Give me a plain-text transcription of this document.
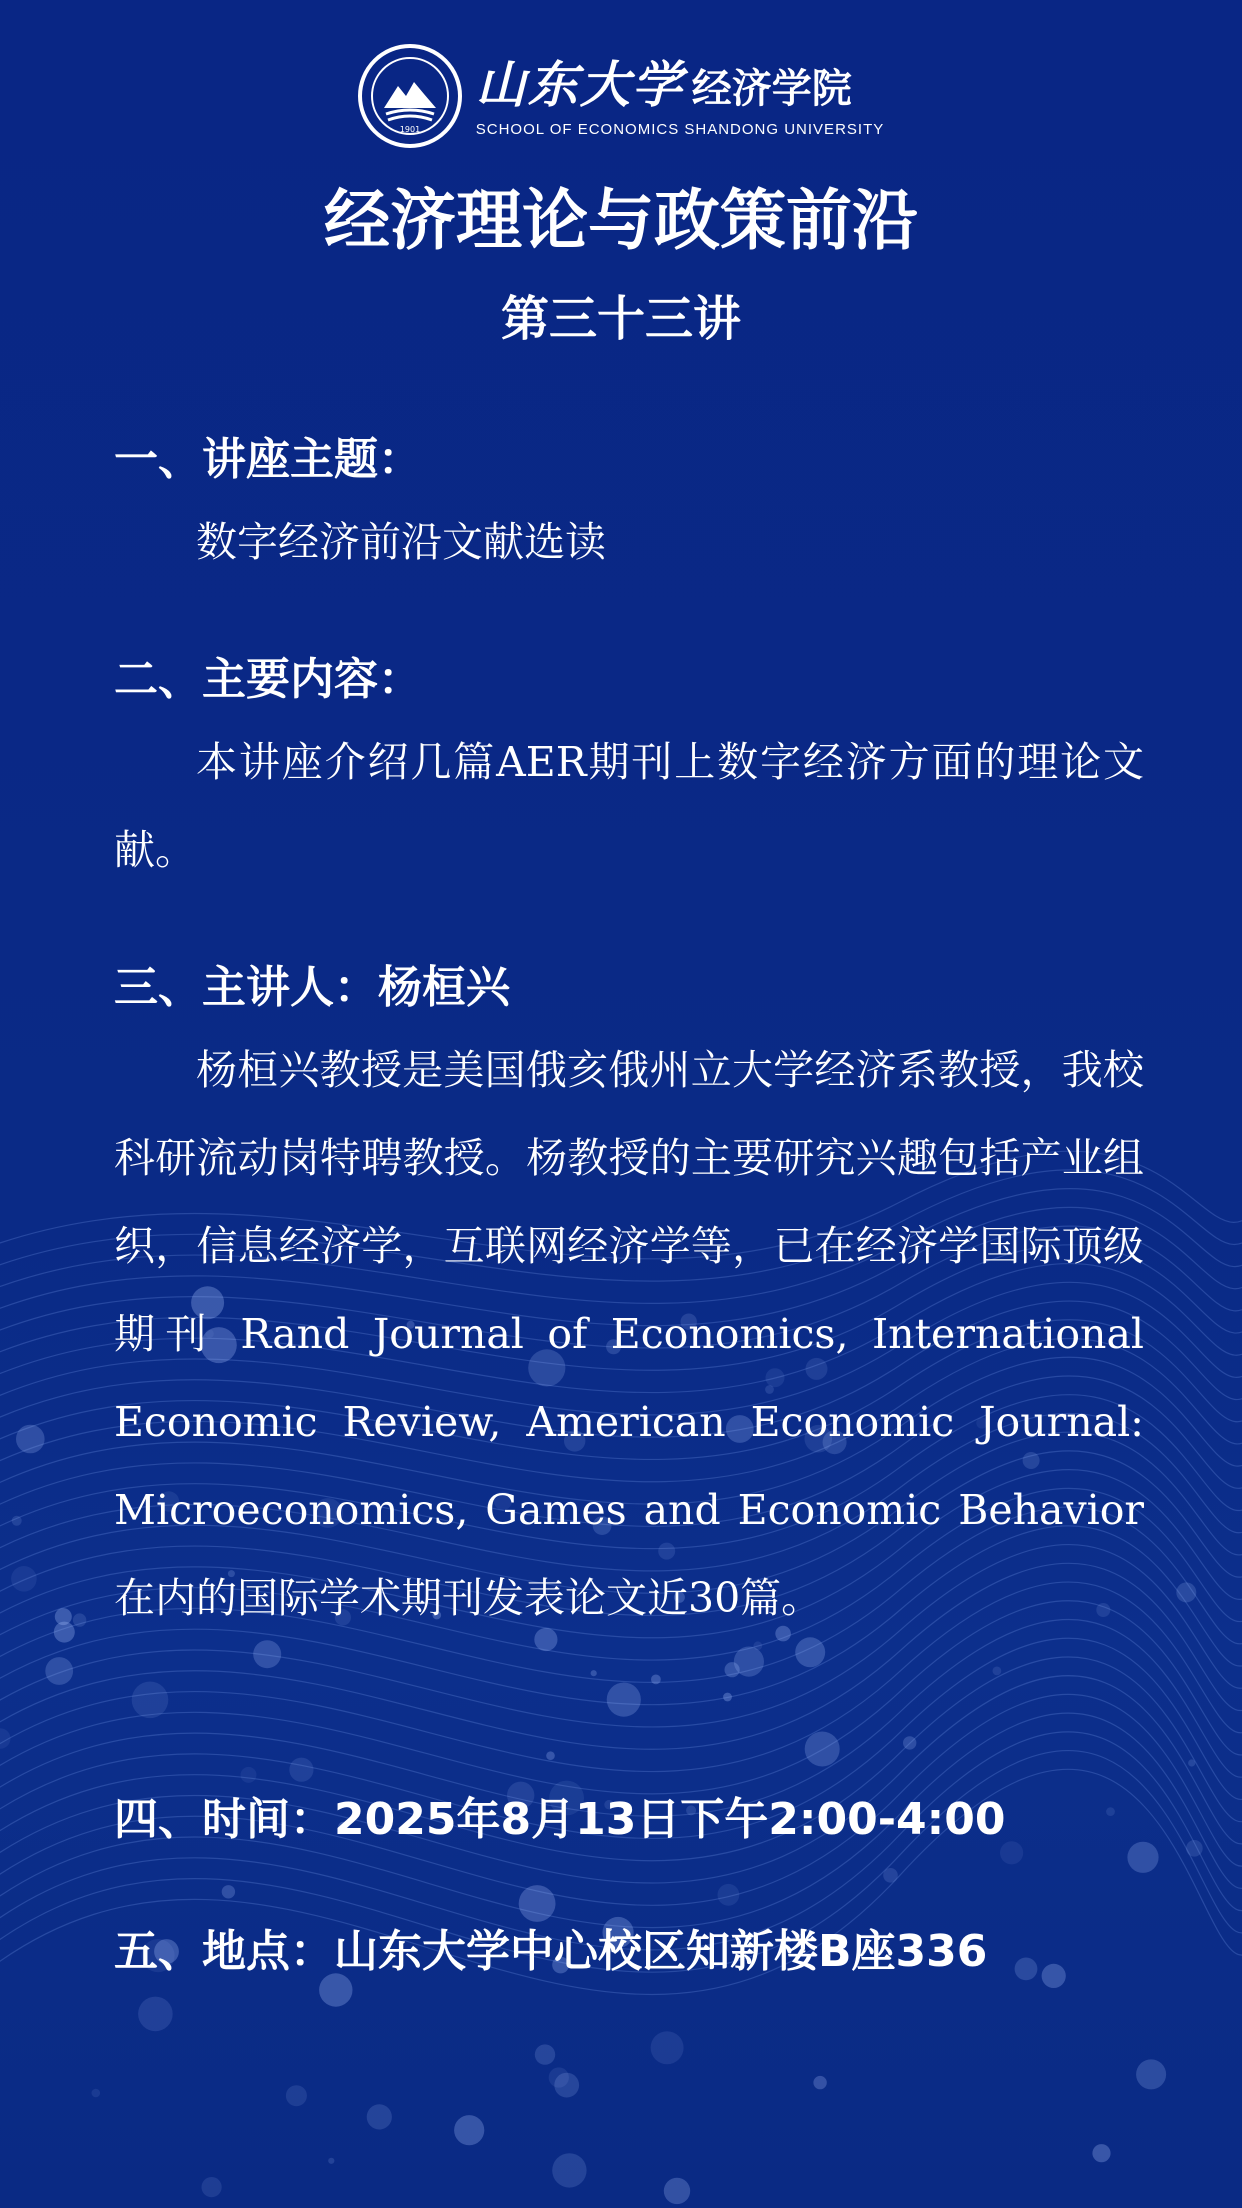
1901
山东大学 经济学院
SCHOOL OF ECONOMICS SHANDONG UNIVERSITY
经济理论与政策前沿
第三十三讲
一、讲座主题：
数字经济前沿文献选读
二、主要内容：
本讲座介绍几篇AER期刊上数字经济方面的理论文献。
三、主讲人：杨桓兴
杨桓兴教授是美国俄亥俄州立大学经济系教授，我校科研流动岗特聘教授。杨教授的主要研究兴趣包括产业组织，信息经济学，互联网经济学等，已在经济学国际顶级期刊 Rand Journal of Economics, International Economic Review, American Economic Journal: Microeconomics, Games and Economic Behavior在内的国际学术期刊发表论文近30篇。
四、时间：2025年8月13日下午2:00-4:00
五、地点：山东大学中心校区知新楼B座336
